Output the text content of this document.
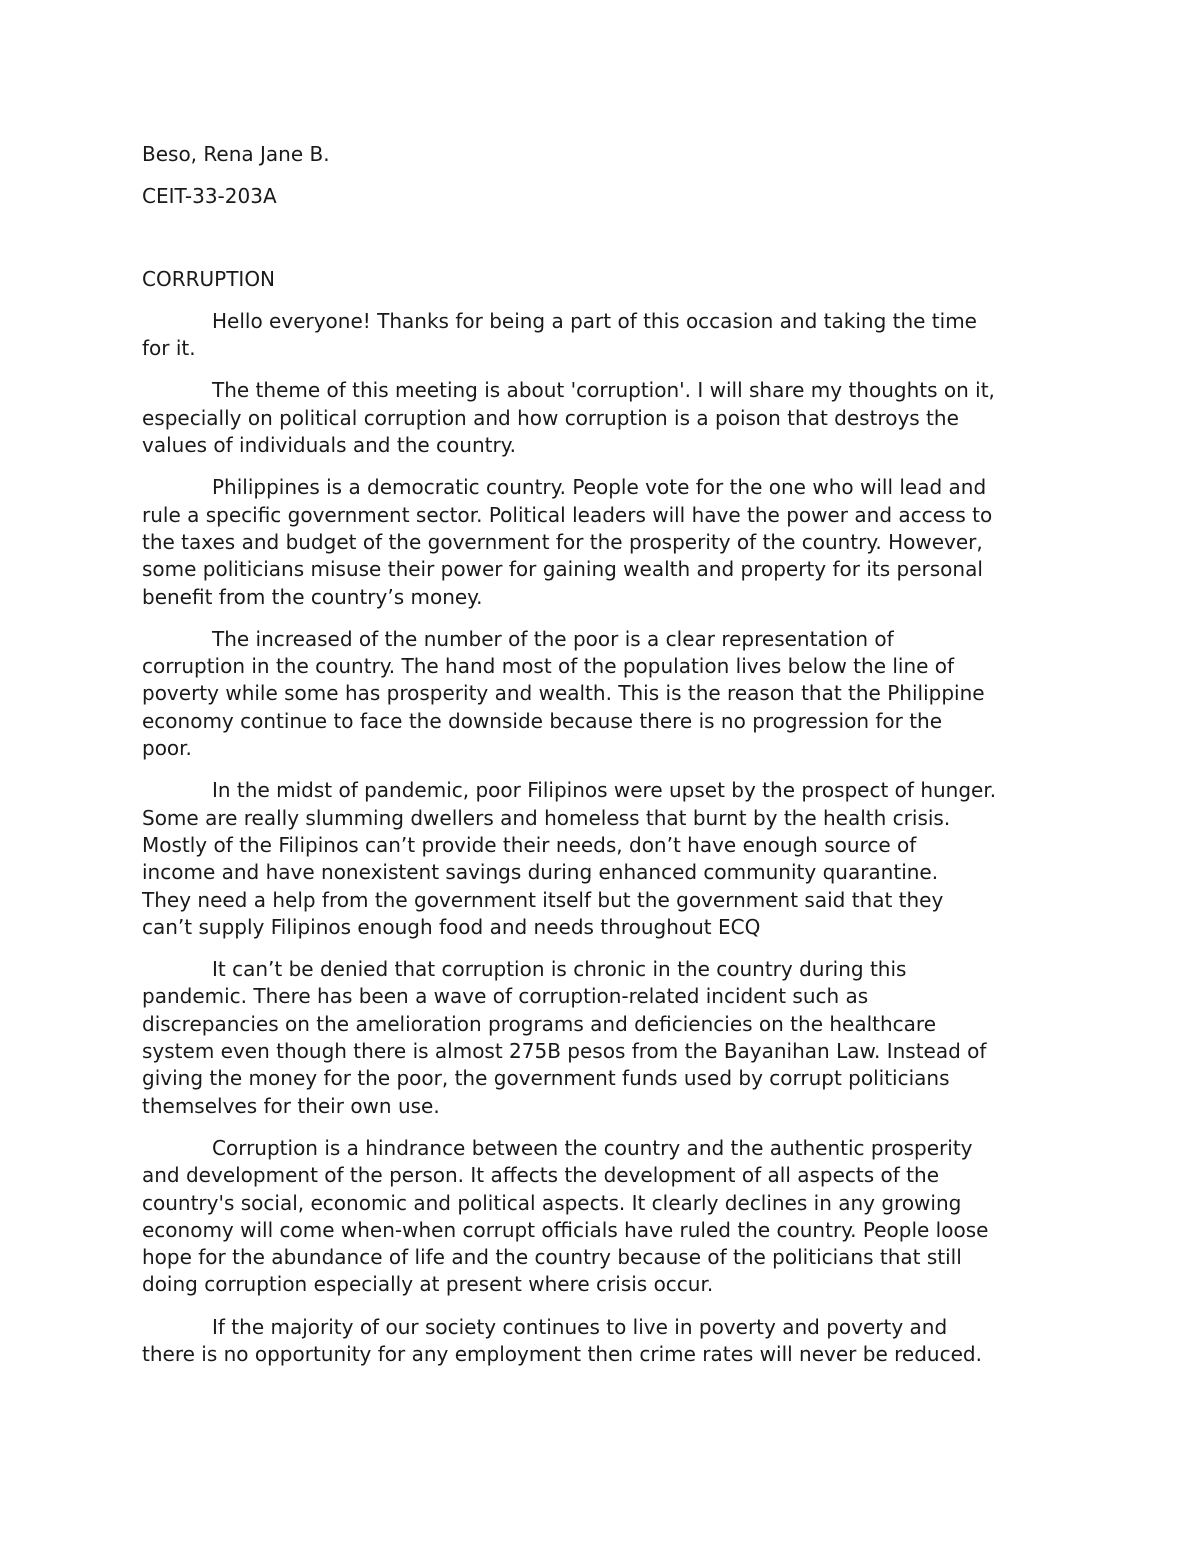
Beso, Rena Jane B.

CEIT-33-203A

CORRUPTION

Hello everyone! Thanks for being a part of this occasion and taking the time
for it.

The theme of this meeting is about 'corruption'. I will share my thoughts on it,
especially on political corruption and how corruption is a poison that destroys the
values of individuals and the country.

Philippines is a democratic country. People vote for the one who will lead and
rule a specific government sector. Political leaders will have the power and access to
the taxes and budget of the government for the prosperity of the country. However,
some politicians misuse their power for gaining wealth and property for its personal
benefit from the country’s money.

The increased of the number of the poor is a clear representation of
corruption in the country. The hand most of the population lives below the line of
poverty while some has prosperity and wealth. This is the reason that the Philippine
economy continue to face the downside because there is no progression for the
poor.

In the midst of pandemic, poor Filipinos were upset by the prospect of hunger.
Some are really slumming dwellers and homeless that burnt by the health crisis.
Mostly of the Filipinos can’t provide their needs, don’t have enough source of
income and have nonexistent savings during enhanced community quarantine.
They need a help from the government itself but the government said that they
can’t supply Filipinos enough food and needs throughout ECQ

It can’t be denied that corruption is chronic in the country during this
pandemic. There has been a wave of corruption-related incident such as
discrepancies on the amelioration programs and deficiencies on the healthcare
system even though there is almost 275B pesos from the Bayanihan Law. Instead of
giving the money for the poor, the government funds used by corrupt politicians
themselves for their own use.

Corruption is a hindrance between the country and the authentic prosperity
and development of the person. It affects the development of all aspects of the
country's social, economic and political aspects. It clearly declines in any growing
economy will come when-when corrupt officials have ruled the country. People loose
hope for the abundance of life and the country because of the politicians that still
doing corruption especially at present where crisis occur.

If the majority of our society continues to live in poverty and poverty and
there is no opportunity for any employment then crime rates will never be reduced.
